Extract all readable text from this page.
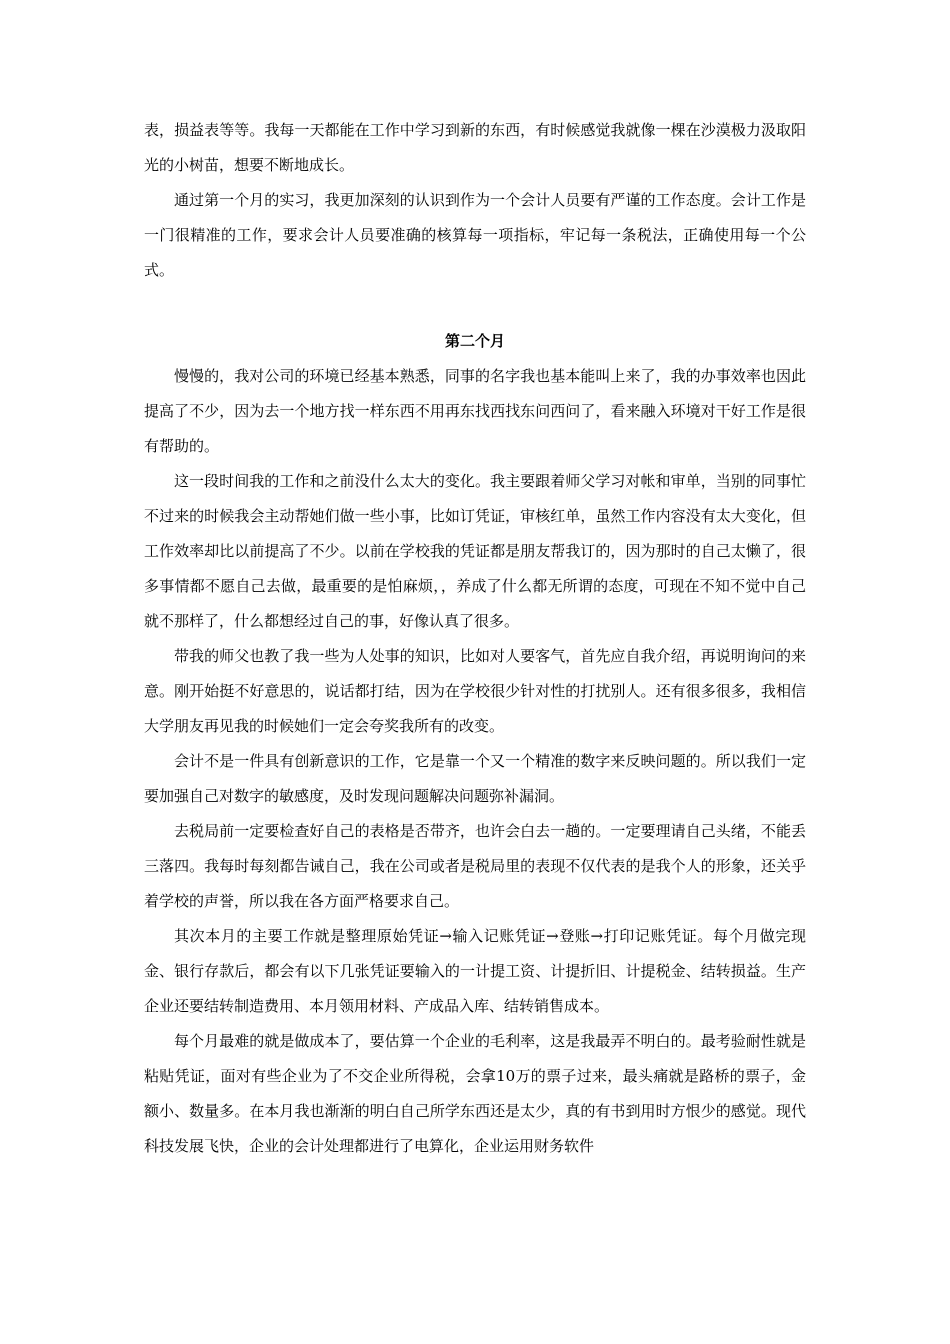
表，损益表等等。我每一天都能在工作中学习到新的东西，有时候感觉我就像一棵在沙漠极力汲取阳光的小树苗，想要不断地成长。

通过第一个月的实习，我更加深刻的认识到作为一个会计人员要有严谨的工作态度。会计工作是一门很精准的工作，要求会计人员要准确的核算每一项指标，牢记每一条税法，正确使用每一个公式。

第二个月

慢慢的，我对公司的环境已经基本熟悉，同事的名字我也基本能叫上来了，我的办事效率也因此提高了不少，因为去一个地方找一样东西不用再东找西找东问西问了，看来融入环境对干好工作是很有帮助的。

这一段时间我的工作和之前没什么太大的变化。我主要跟着师父学习对帐和审单，当别的同事忙不过来的时候我会主动帮她们做一些小事，比如订凭证，审核红单，虽然工作内容没有太大变化，但工作效率却比以前提高了不少。以前在学校我的凭证都是朋友帮我订的，因为那时的自己太懒了，很多事情都不愿自己去做，最重要的是怕麻烦，，养成了什么都无所谓的态度，可现在不知不觉中自己就不那样了，什么都想经过自己的事，好像认真了很多。

带我的师父也教了我一些为人处事的知识，比如对人要客气，首先应自我介绍，再说明询问的来意。刚开始挺不好意思的，说话都打结，因为在学校很少针对性的打扰别人。还有很多很多，我相信大学朋友再见我的时候她们一定会夸奖我所有的改变。

会计不是一件具有创新意识的工作，它是靠一个又一个精准的数字来反映问题的。所以我们一定要加强自己对数字的敏感度，及时发现问题解决问题弥补漏洞。

去税局前一定要检查好自己的表格是否带齐，也许会白去一趟的。一定要理请自己头绪，不能丢三落四。我每时每刻都告诫自己，我在公司或者是税局里的表现不仅代表的是我个人的形象，还关乎着学校的声誉，所以我在各方面严格要求自己。

其次本月的主要工作就是整理原始凭证→输入记账凭证→登账→打印记账凭证。每个月做完现金、银行存款后，都会有以下几张凭证要输入的一计提工资、计提折旧、计提税金、结转损益。生产企业还要结转制造费用、本月领用材料、产成品入库、结转销售成本。

每个月最难的就是做成本了，要估算一个企业的毛利率，这是我最弄不明白的。最考验耐性就是粘贴凭证，面对有些企业为了不交企业所得税，会拿10万的票子过来，最头痛就是路桥的票子，金额小、数量多。在本月我也渐渐的明白自己所学东西还是太少，真的有书到用时方恨少的感觉。现代科技发展飞快，企业的会计处理都进行了电算化，企业运用财务软件
